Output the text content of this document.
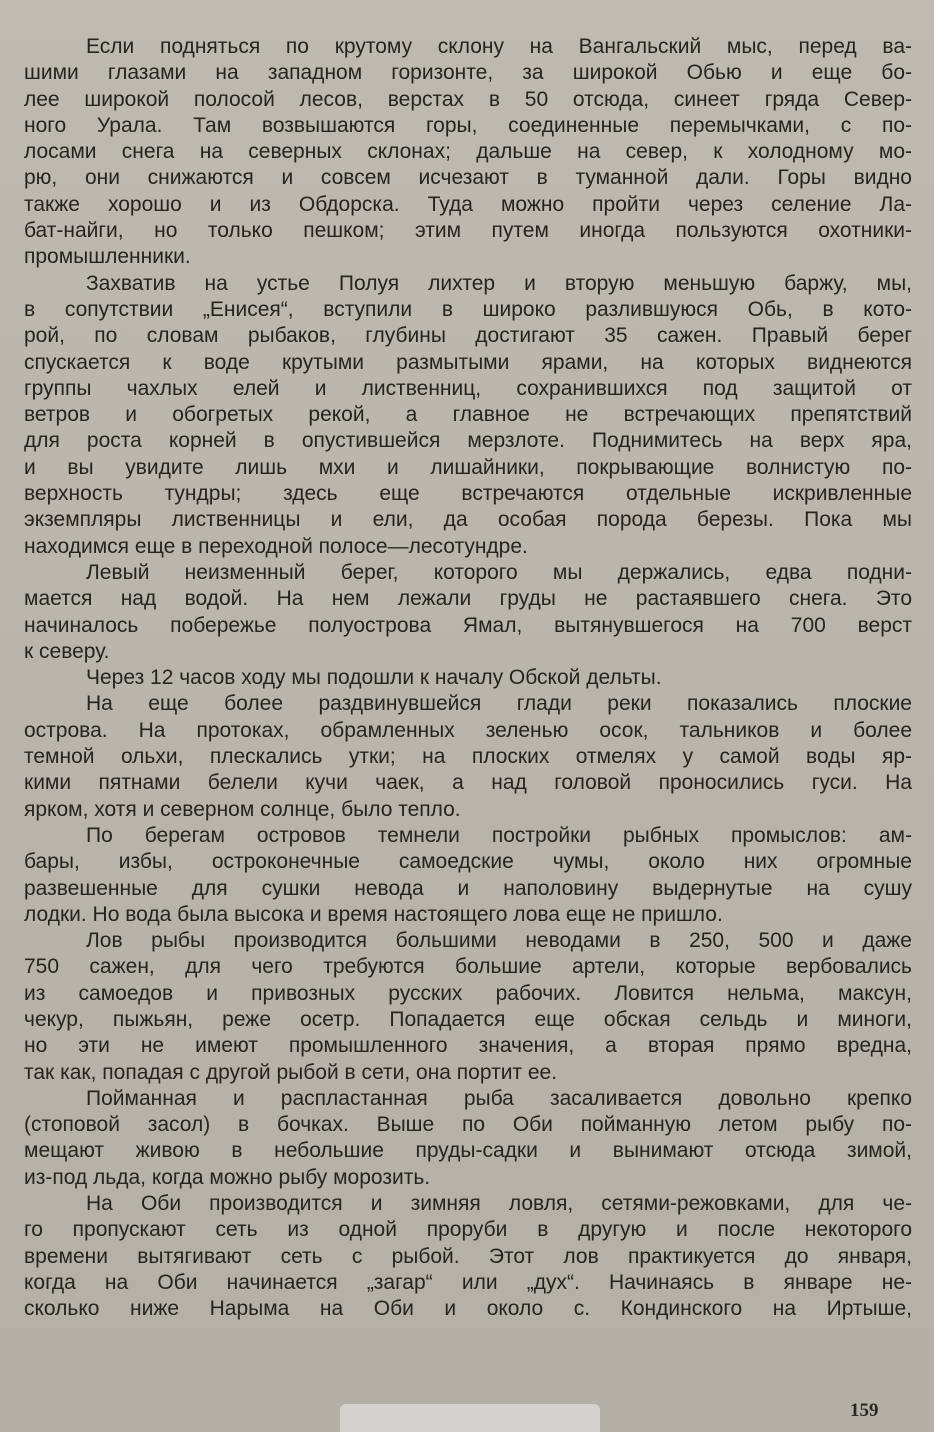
Если подняться по крутому склону на Вангальский мыс, перед ва-
шими глазами на западном горизонте, за широкой Обью и еще бо-
лее широкой полосой лесов, верстах в 50 отсюда, синеет гряда Север-
ного Урала. Там возвышаются горы, соединенные перемычками, с по-
лосами снега на северных склонах; дальше на север, к холодному мо-
рю, они снижаются и совсем исчезают в туманной дали. Горы видно
также хорошо и из Обдорска. Туда можно пройти через селение Ла-
бат-найги, но только пешком; этим путем иногда пользуются охотники-
промышленники.
Захватив на устье Полуя лихтер и вторую меньшую баржу, мы,
в сопутствии „Енисея“, вступили в широко разлившуюся Обь, в кото-
рой, по словам рыбаков, глубины достигают 35 сажен. Правый берег
спускается к воде крутыми размытыми ярами, на которых виднеются
группы чахлых елей и лиственниц, сохранившихся под защитой от
ветров и обогретых рекой, а главное не встречающих препятствий
для роста корней в опустившейся мерзлоте. Поднимитесь на верх яра,
и вы увидите лишь мхи и лишайники, покрывающие волнистую по-
верхность тундры; здесь еще встречаются отдельные искривленные
экземпляры лиственницы и ели, да особая порода березы. Пока мы
находимся еще в переходной полосе—лесотундре.
Левый неизменный берег, которого мы держались, едва подни-
мается над водой. На нем лежали груды не растаявшего снега. Это
начиналось побережье полуострова Ямал, вытянувшегося на 700 верст
к северу.
Через 12 часов ходу мы подошли к началу Обской дельты.
На еще более раздвинувшейся глади реки показались плоские
острова. На протоках, обрамленных зеленью осок, тальников и более
темной ольхи, плескались утки; на плоских отмелях у самой воды яр-
кими пятнами белели кучи чаек, а над головой проносились гуси. На
ярком, хотя и северном солнце, было тепло.
По берегам островов темнели постройки рыбных промыслов: ам-
бары, избы, остроконечные самоедские чумы, около них огромные
развешенные для сушки невода и наполовину выдернутые на сушу
лодки. Но вода была высока и время настоящего лова еще не пришло.
Лов рыбы производится большими неводами в 250, 500 и даже
750 сажен, для чего требуются большие артели, которые вербовались
из самоедов и привозных русских рабочих. Ловится нельма, максун,
чекур, пыжьян, реже осетр. Попадается еще обская сельдь и миноги,
но эти не имеют промышленного значения, а вторая прямо вредна,
так как, попадая с другой рыбой в сети, она портит ее.
Пойманная и распластанная рыба засаливается довольно крепко
(стоповой засол) в бочках. Выше по Оби пойманную летом рыбу по-
мещают живою в небольшие пруды-садки и вынимают отсюда зимой,
из-под льда, когда можно рыбу морозить.
На Оби производится и зимняя ловля, сетями-режовками, для че-
го пропускают сеть из одной проруби в другую и после некоторого
времени вытягивают сеть с рыбой. Этот лов практикуется до января,
когда на Оби начинается „загар“ или „дух“. Начинаясь в январе не-
сколько ниже Нарыма на Оби и около с. Кондинского на Иртыше,
159
